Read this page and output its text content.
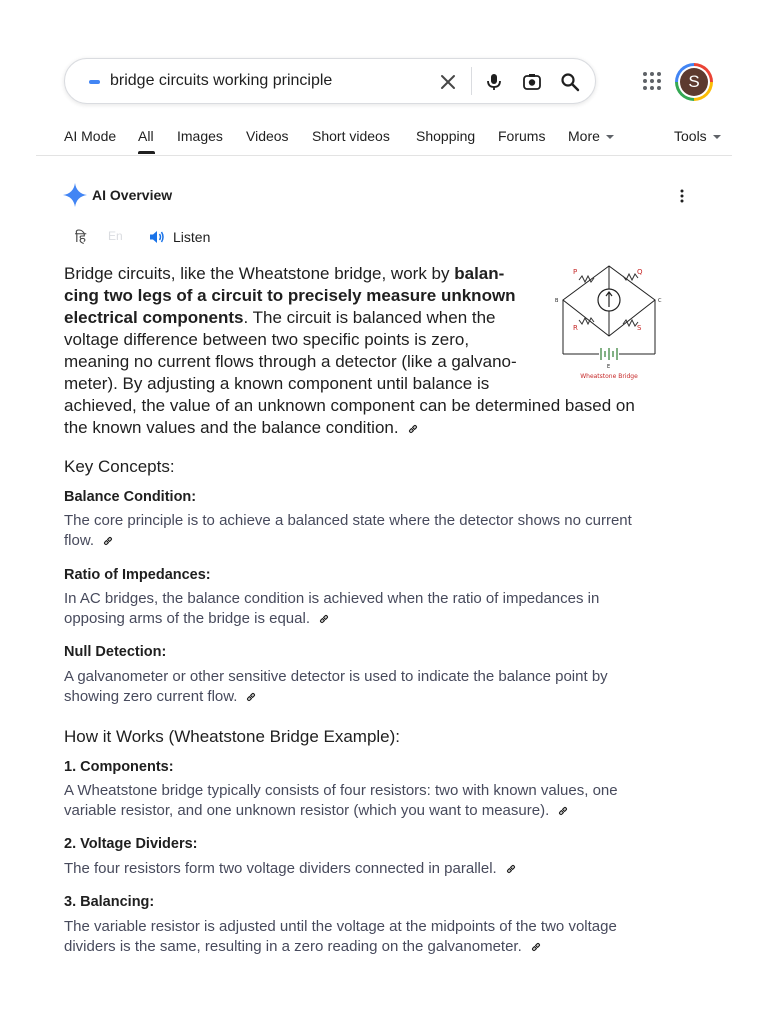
bridge circuits working principle	S
AI Mode All Images Videos Short videos Shopping Forums More	Tools
AI Overview
हि En	Listen
Bridge circuits, like the Wheatstone bridge, work by balan-
cing two legs of a circuit to precisely measure unknown
electrical components. The circuit is balanced when the
voltage difference between two specific points is zero,
meaning no current flows through a detector (like a galvano-
meter). By adjusting a known component until balance is
achieved, the value of an unknown component can be determined based on
the known values and the balance condition.
P	Q
R	S
B	C
E
Wheatstone Bridge
Key Concepts:
Balance Condition:
The core principle is to achieve a balanced state where the detector shows no current
flow.
Ratio of Impedances:
In AC bridges, the balance condition is achieved when the ratio of impedances in
opposing arms of the bridge is equal.
Null Detection:
A galvanometer or other sensitive detector is used to indicate the balance point by
showing zero current flow.
How it Works (Wheatstone Bridge Example):
1. Components:
A Wheatstone bridge typically consists of four resistors: two with known values, one
variable resistor, and one unknown resistor (which you want to measure).
2. Voltage Dividers:
The four resistors form two voltage dividers connected in parallel.
3. Balancing:
The variable resistor is adjusted until the voltage at the midpoints of the two voltage
dividers is the same, resulting in a zero reading on the galvanometer.
